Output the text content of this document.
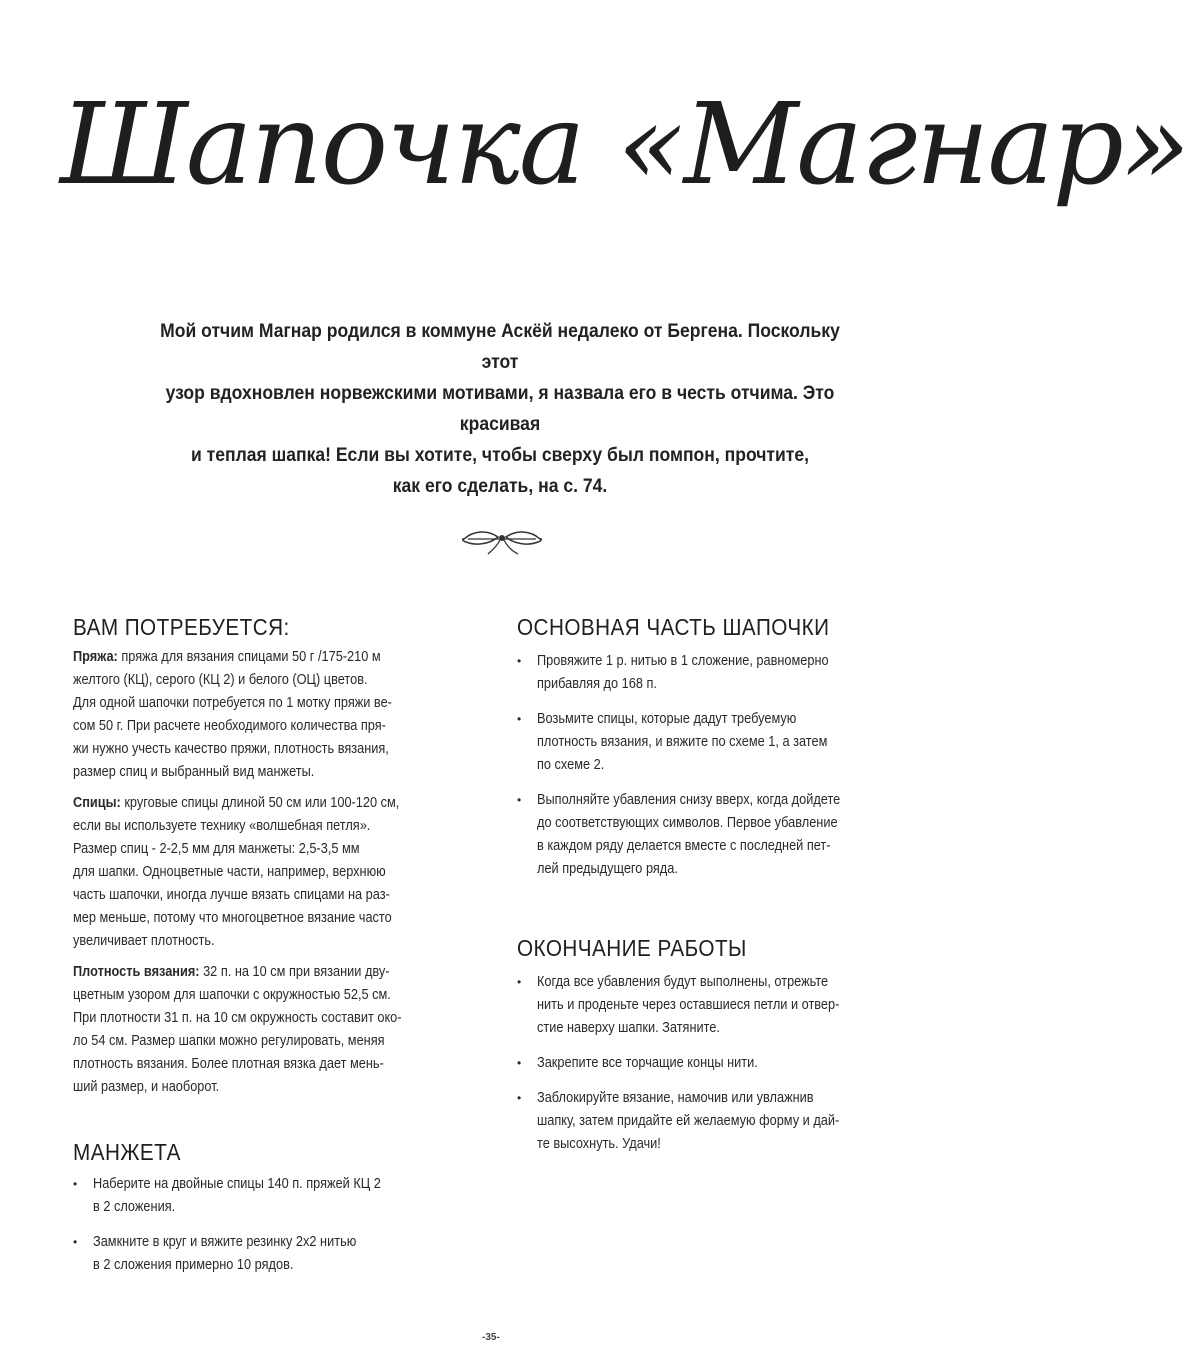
Шапочка «Магнар»
Мой отчим Магнар родился в коммуне Аскёй недалеко от Бергена. Поскольку этот
узор вдохновлен норвежскими мотивами, я назвала его в честь отчима. Это красивая
и теплая шапка! Если вы хотите, чтобы сверху был помпон, прочтите,
как его сделать, на с. 74.
ВАМ ПОТРЕБУЕТСЯ:
Пряжа: пряжа для вязания спицами 50 г /175-210 м
желтого (КЦ), серого (КЦ 2) и белого (ОЦ) цветов.
Для одной шапочки потребуется по 1 мотку пряжи ве-
сом 50 г. При расчете необходимого количества пря-
жи нужно учесть качество пряжи, плотность вязания,
размер спиц и выбранный вид манжеты.
Спицы: круговые спицы длиной 50 см или 100-120 см,
если вы используете технику «волшебная петля».
Размер спиц - 2-2,5 мм для манжеты: 2,5-3,5 мм
для шапки. Одноцветные части, например, верхнюю
часть шапочки, иногда лучше вязать спицами на раз-
мер меньше, потому что многоцветное вязание часто
увеличивает плотность.
Плотность вязания: 32 п. на 10 см при вязании дву-
цветным узором для шапочки с окружностью 52,5 см.
При плотности 31 п. на 10 см окружность составит око-
ло 54 см. Размер шапки можно регулировать, меняя
плотность вязания. Более плотная вязка дает мень-
ший размер, и наоборот.
МАНЖЕТА
• Наберите на двойные спицы 140 п. пряжей КЦ 2
в 2 сложения.
• Замкните в круг и вяжите резинку 2х2 нитью
в 2 сложения примерно 10 рядов.
ОСНОВНАЯ ЧАСТЬ ШАПОЧКИ
• Провяжите 1 р. нитью в 1 сложение, равномерно
прибавляя до 168 п.
• Возьмите спицы, которые дадут требуемую
плотность вязания, и вяжите по схеме 1, а затем
по схеме 2.
• Выполняйте убавления снизу вверх, когда дойдете
до соответствующих символов. Первое убавление
в каждом ряду делается вместе с последней пет-
лей предыдущего ряда.
ОКОНЧАНИЕ РАБОТЫ
• Когда все убавления будут выполнены, отрежьте
нить и проденьте через оставшиеся петли и отвер-
стие наверху шапки. Затяните.
• Закрепите все торчащие концы нити.
• Заблокируйте вязание, намочив или увлажнив
шапку, затем придайте ей желаемую форму и дай-
те высохнуть. Удачи!
-35-
